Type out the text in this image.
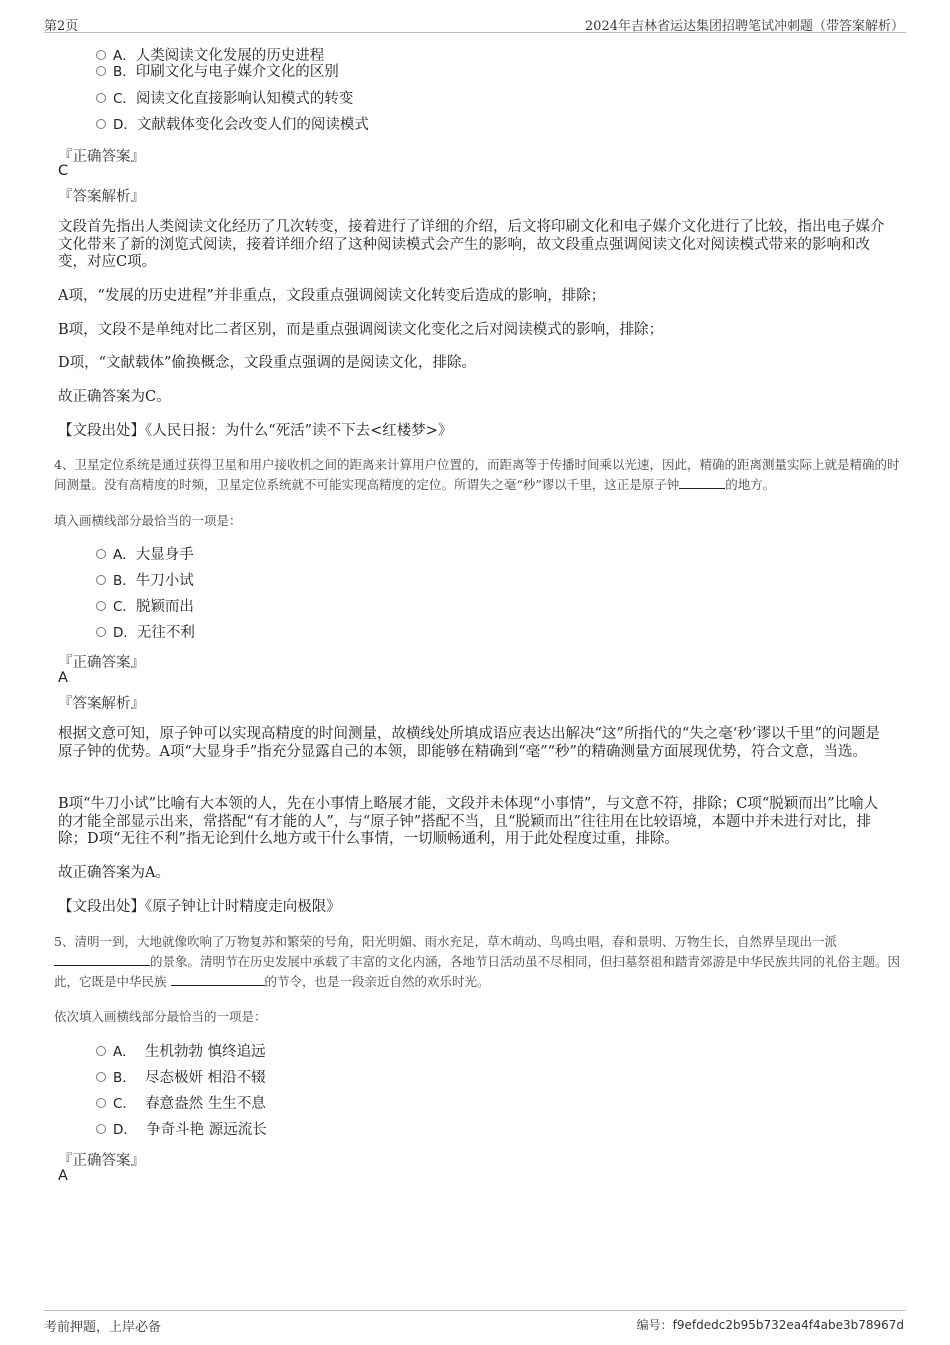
第2页	2024年吉林省运达集团招聘笔试冲刺题（带答案解析）
A．人类阅读文化发展的历史进程
B．印刷文化与电子媒介文化的区别
C．阅读文化直接影响认知模式的转变
D．文献载体变化会改变人们的阅读模式
『正确答案』
C
『答案解析』
文段首先指出人类阅读文化经历了几次转变，接着进行了详细的介绍，后文将印刷文化和电子媒介文化进行了比较，指出电子媒介文化带来了新的浏览式阅读，接着详细介绍了这种阅读模式会产生的影响，故文段重点强调阅读文化对阅读模式带来的影响和改变，对应C项。
A项，“发展的历史进程”并非重点，文段重点强调阅读文化转变后造成的影响，排除；
B项，文段不是单纯对比二者区别，而是重点强调阅读文化变化之后对阅读模式的影响，排除；
D项，“文献载体”偷换概念，文段重点强调的是阅读文化，排除。
故正确答案为C。
【文段出处】《人民日报：为什么“死活”读不下去<红楼梦>》
4、卫星定位系统是通过获得卫星和用户接收机之间的距离来计算用户位置的，而距离等于传播时间乘以光速，因此，精确的距离测量实际上就是精确的时间测量。没有高精度的时频，卫星定位系统就不可能实现高精度的定位。所谓失之毫“秒”谬以千里，这正是原子钟	的地方。
填入画横线部分最恰当的一项是：
A．大显身手
B．牛刀小试
C．脱颖而出
D．无往不利
『正确答案』
A
『答案解析』
根据文意可知，原子钟可以实现高精度的时间测量，故横线处所填成语应表达出解决“这”所指代的“失之毫‘秒’谬以千里”的问题是原子钟的优势。A项“大显身手”指充分显露自己的本领，即能够在精确到“毫”“秒”的精确测量方面展现优势，符合文意，当选。
B项“牛刀小试”比喻有大本领的人，先在小事情上略展才能，文段并未体现“小事情”，与文意不符，排除；C项“脱颖而出”比喻人的才能全部显示出来，常搭配“有才能的人”，与“原子钟”搭配不当，且“脱颖而出”往往用在比较语境，本题中并未进行对比，排除；D项“无往不利”指无论到什么地方或干什么事情，一切顺畅通利，用于此处程度过重，排除。
故正确答案为A。
【文段出处】《原子钟让计时精度走向极限》
5、清明一到，大地就像吹响了万物复苏和繁荣的号角，阳光明媚、雨水充足，草木萌动、鸟鸣虫唱，春和景明、万物生长，自然界呈现出一派的景象。清明节在历史发展中承载了丰富的文化内涵，各地节日活动虽不尽相同，但扫墓祭祖和踏青郊游是中华民族共同的礼俗主题。因此，它既是中华民族	的节令，也是一段亲近自然的欢乐时光。
依次填入画横线部分最恰当的一项是：
A． 生机勃勃 慎终追远
B． 尽态极妍 相沿不辍
C． 春意盎然 生生不息
D． 争奇斗艳 源远流长
『正确答案』
A
考前押题，上岸必备	编号：f9efdedc2b95b732ea4f4abe3b78967d
